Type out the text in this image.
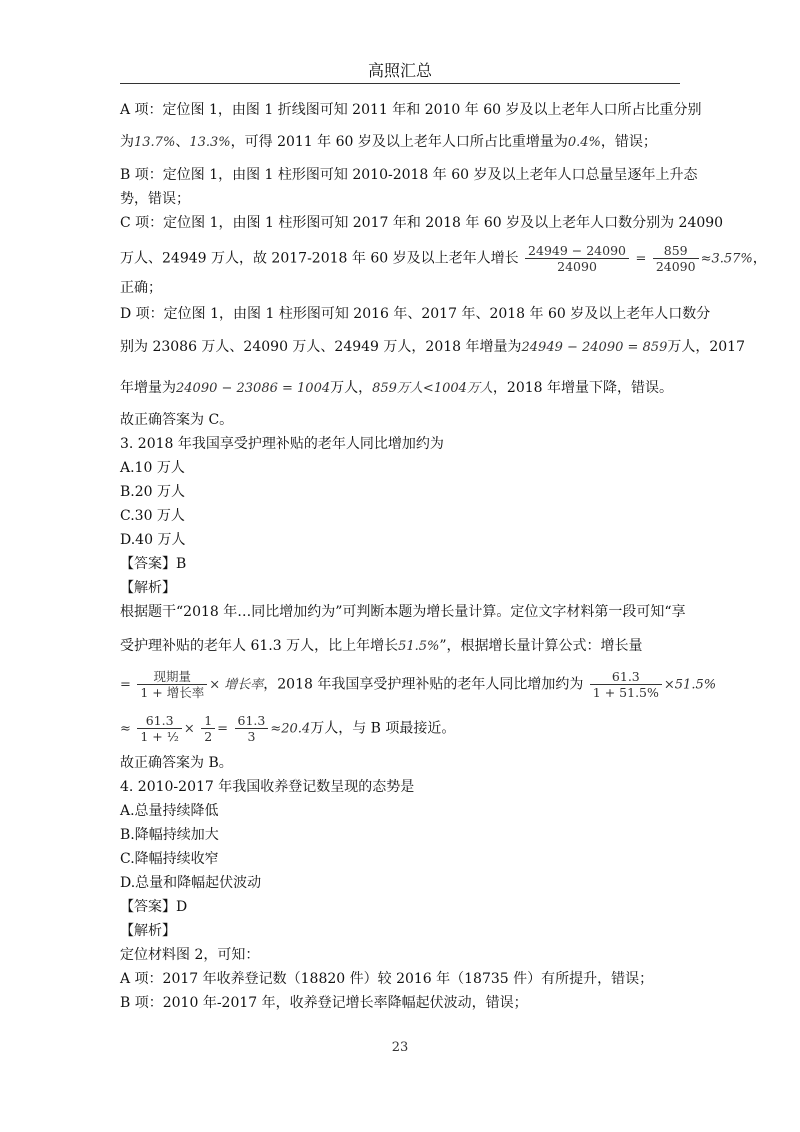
高照汇总
A 项：定位图 1，由图 1 折线图可知 2011 年和 2010 年 60 岁及以上老年人口所占比重分别
为13.7%、13.3%，可得 2011 年 60 岁及以上老年人口所占比重增量为0.4%，错误；
B 项：定位图 1，由图 1 柱形图可知 2010-2018 年 60 岁及以上老年人口总量呈逐年上升态
势，错误；
C 项：定位图 1，由图 1 柱形图可知 2017 年和 2018 年 60 岁及以上老年人口数分别为 24090
万人、24949 万人，故 2017-2018 年 60 岁及以上老年人增长 $\frac{24949 - 24090}{24090} = \frac{859}{24090} \approx 3.57\%$，
正确；
D 项：定位图 1，由图 1 柱形图可知 2016 年、2017 年、2018 年 60 岁及以上老年人口数分
别为 23086 万人、24090 万人、24949 万人，2018 年增量为24949 − 24090 = 859万人，2017
年增量为24090 − 23086 = 1004万人，859万人<1004万人，2018 年增量下降，错误。
故正确答案为 C。
3. 2018 年我国享受护理补贴的老年人同比增加约为
A.10 万人
B.20 万人
C.30 万人
D.40 万人
【答案】B
【解析】
根据题干“2018 年…同比增加约为”可判断本题为增长量计算。定位文字材料第一段可知“享
受护理补贴的老年人 61.3 万人，比上年增长51.5%”，根据增长量计算公式：增长量
= $\frac{\text{现期量}}{\text{1 + 增长率}}$ × 增长率，2018 年我国享受护理补贴的老年人同比增加约为 $\frac{61.3}{1 + 51.5\%} \times 51.5\%$
≈ $\frac{61.3}{\text{1 + ½}} \times \frac{1}{2} = \frac{61.3}{3} \approx 20.4$万人，与 B 项最接近。
故正确答案为 B。
4. 2010-2017 年我国收养登记数呈现的态势是
A.总量持续降低
B.降幅持续加大
C.降幅持续收窄
D.总量和降幅起伏波动
【答案】D
【解析】
定位材料图 2，可知：
A 项：2017 年收养登记数（18820 件）较 2016 年（18735 件）有所提升，错误；
B 项：2010 年-2017 年，收养登记增长率降幅起伏波动，错误；
23
